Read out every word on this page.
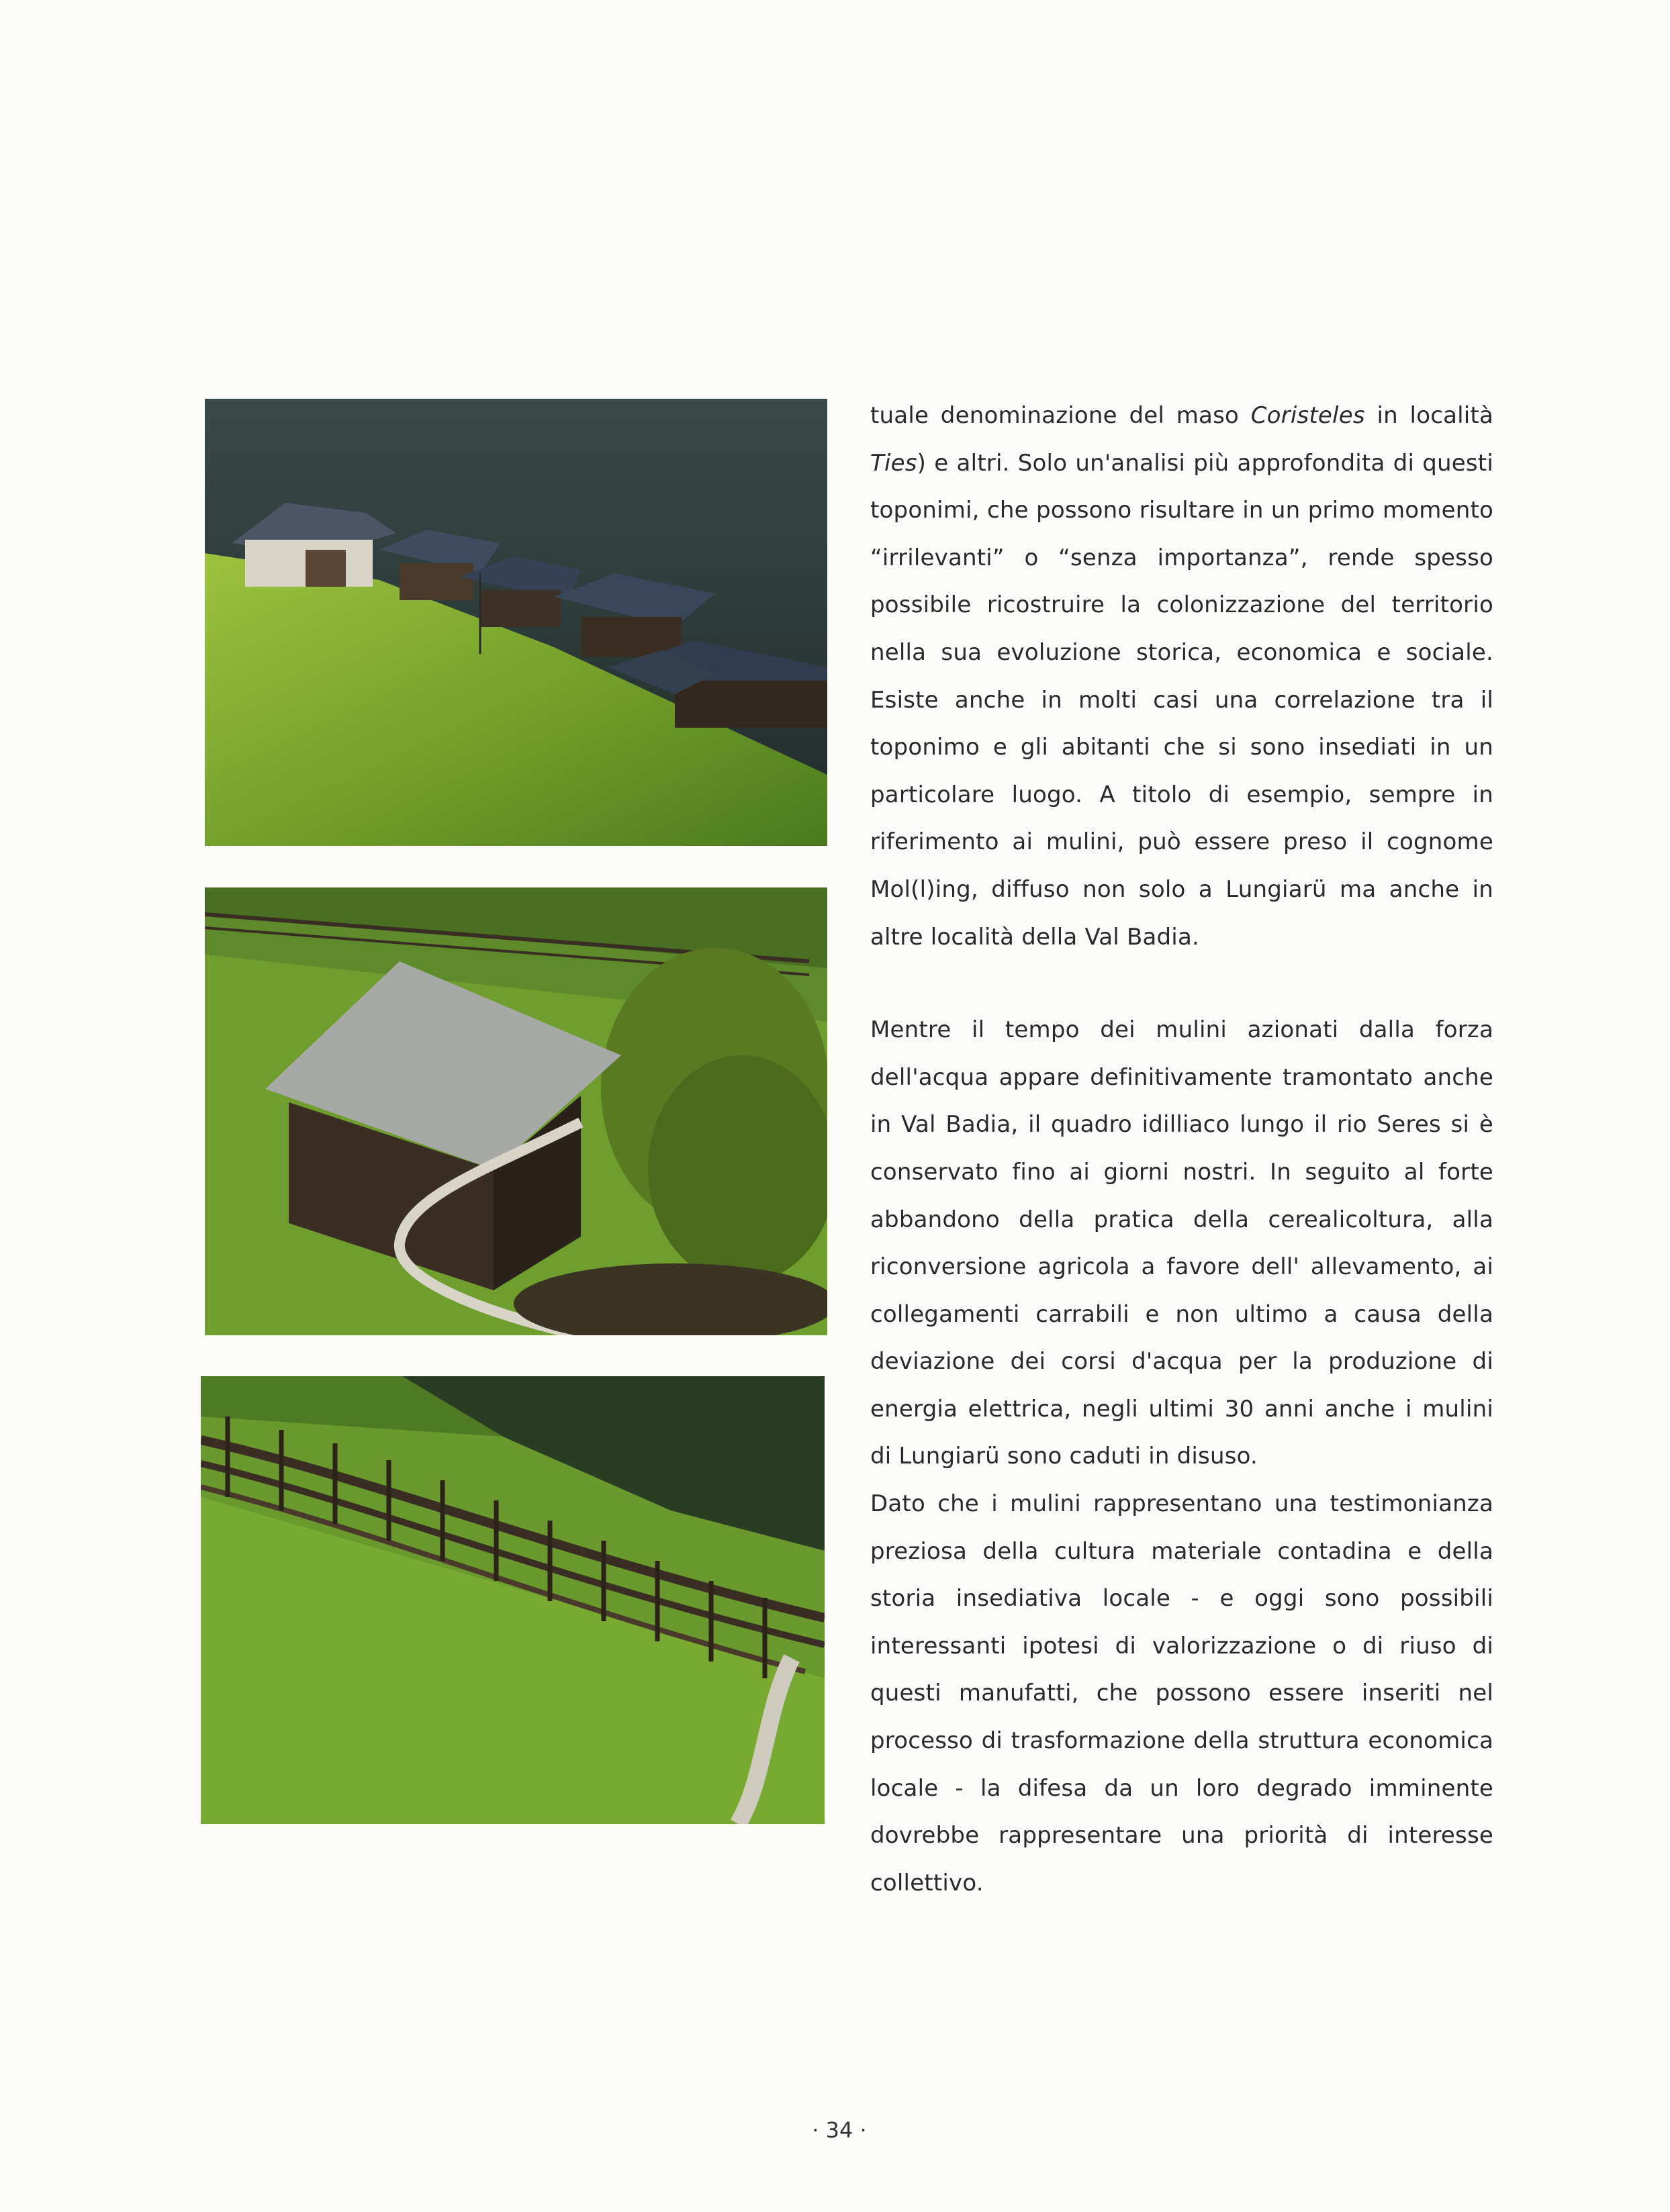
tuale denominazione del maso Coristeles in località Ties) e altri. Solo un'analisi più approfondita di questi toponimi, che possono risultare in un primo momento “irrilevanti” o “senza importanza”, rende spesso possibile ricostruire la colonizzazione del territorio nella sua evoluzione storica, economica e sociale. Esiste anche in molti casi una correlazione tra il toponimo e gli abitanti che si sono insediati in un particolare luogo. A titolo di esempio, sempre in riferimento ai mulini, può essere preso il cognome Mol(l)ing, diffuso non solo a Lungiarü ma anche in altre località della Val Badia.

Mentre il tempo dei mulini azionati dalla forza dell'acqua appare definitivamente tramontato anche in Val Badia, il quadro idilliaco lungo il rio Seres si è conservato fino ai giorni nostri. In seguito al forte abbandono della pratica della cerealicoltura, alla riconversione agricola a favore dell' allevamento, ai collegamenti carrabili e non ultimo a causa della deviazione dei corsi d'acqua per la produzione di energia elettrica, negli ultimi 30 anni anche i mulini di Lungiarü sono caduti in disuso.

Dato che i mulini rappresentano una testimonianza preziosa della cultura materiale contadina e della storia insediativa locale - e oggi sono possibili interessanti ipotesi di valorizzazione o di riuso di questi manufatti, che possono essere inseriti nel processo di trasformazione della struttura economica locale - la difesa da un loro degrado imminente dovrebbe rappresentare una priorità di interesse collettivo.

· 34 ·
